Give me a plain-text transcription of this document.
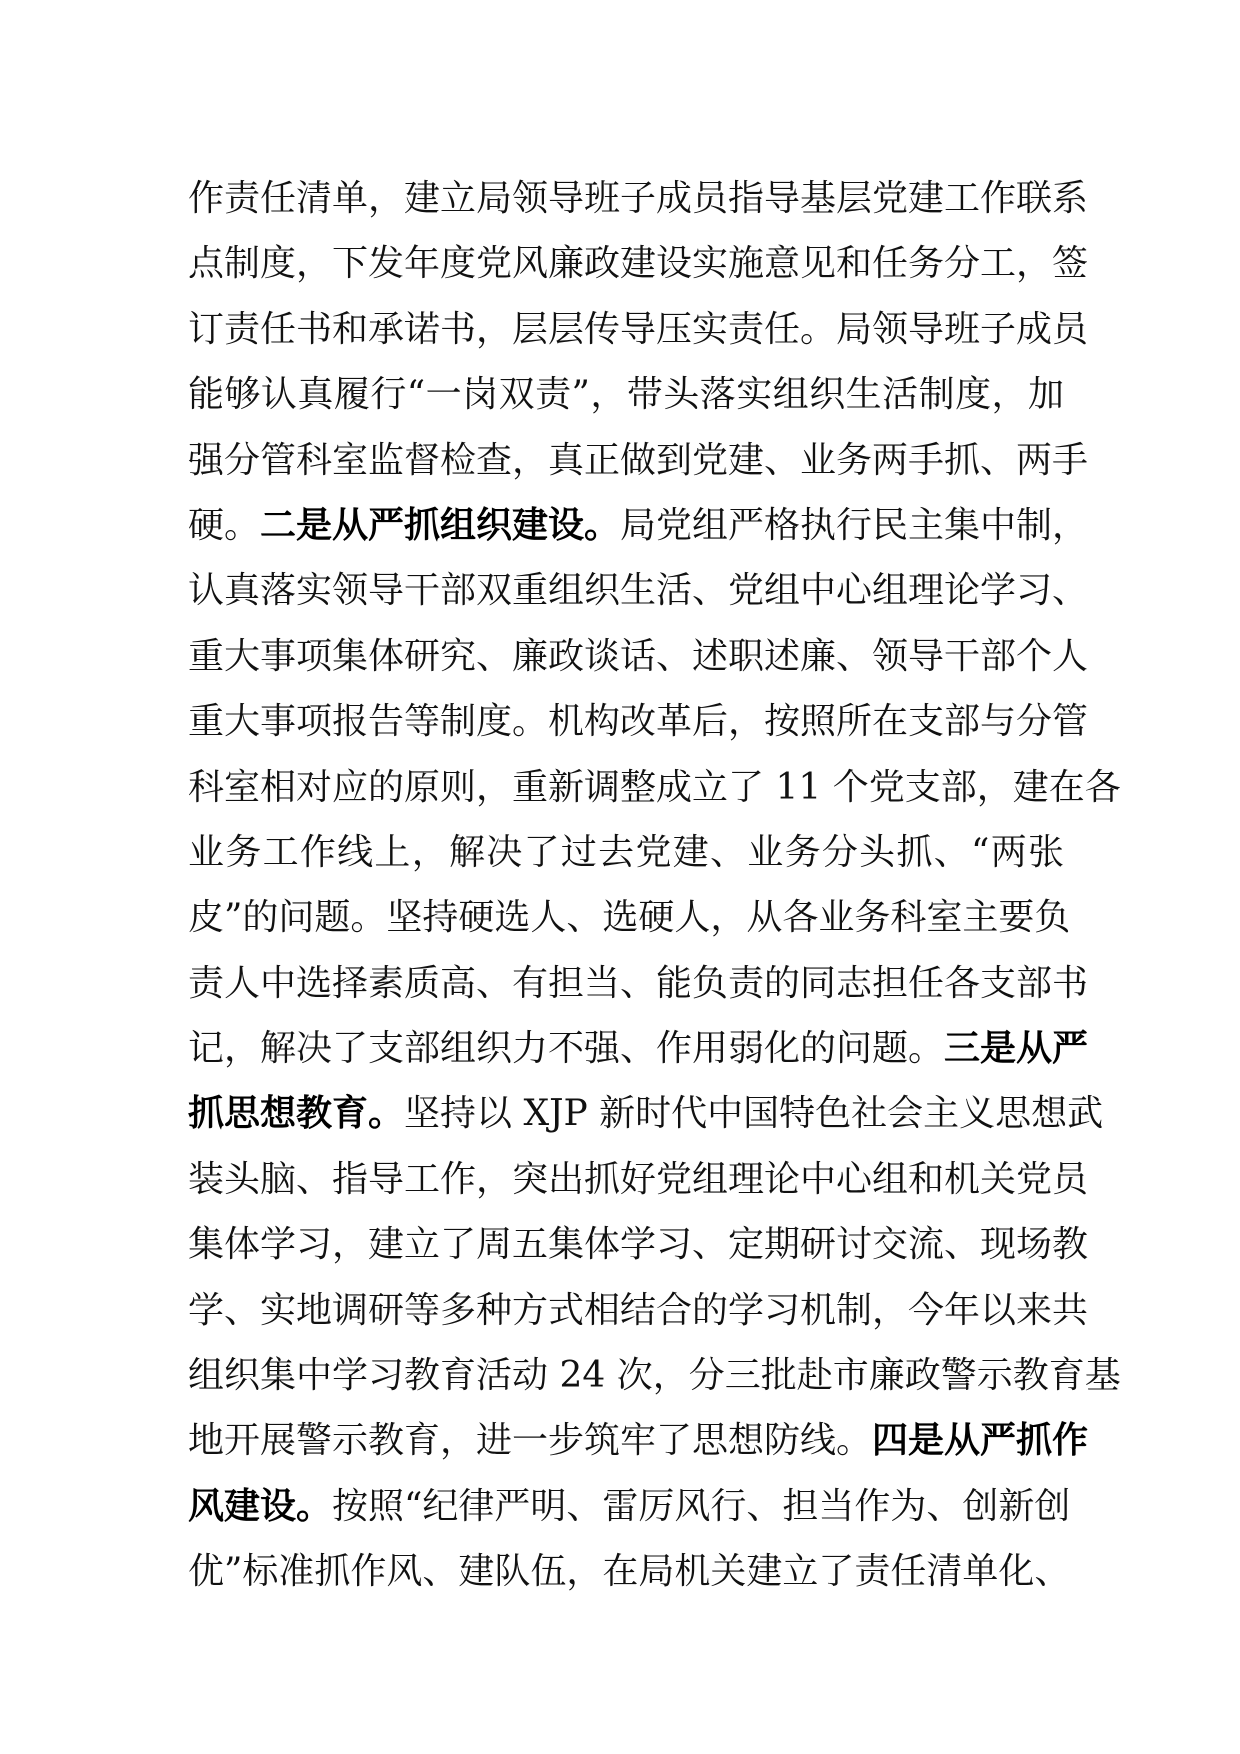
作责任清单，建立局领导班子成员指导基层党建工作联系
点制度，下发年度党风廉政建设实施意见和任务分工，签
订责任书和承诺书，层层传导压实责任。局领导班子成员
能够认真履行“一岗双责”，带头落实组织生活制度，加
强分管科室监督检查，真正做到党建、业务两手抓、两手
硬。二是从严抓组织建设。局党组严格执行民主集中制，
认真落实领导干部双重组织生活、党组中心组理论学习、
重大事项集体研究、廉政谈话、述职述廉、领导干部个人
重大事项报告等制度。机构改革后，按照所在支部与分管
科室相对应的原则，重新调整成立了 11 个党支部，建在各
业务工作线上，解决了过去党建、业务分头抓、“两张
皮”的问题。坚持硬选人、选硬人，从各业务科室主要负
责人中选择素质高、有担当、能负责的同志担任各支部书
记，解决了支部组织力不强、作用弱化的问题。三是从严
抓思想教育。坚持以 XJP 新时代中国特色社会主义思想武
装头脑、指导工作，突出抓好党组理论中心组和机关党员
集体学习，建立了周五集体学习、定期研讨交流、现场教
学、实地调研等多种方式相结合的学习机制，今年以来共
组织集中学习教育活动 24 次，分三批赴市廉政警示教育基
地开展警示教育，进一步筑牢了思想防线。四是从严抓作
风建设。按照“纪律严明、雷厉风行、担当作为、创新创
优”标准抓作风、建队伍，在局机关建立了责任清单化、
